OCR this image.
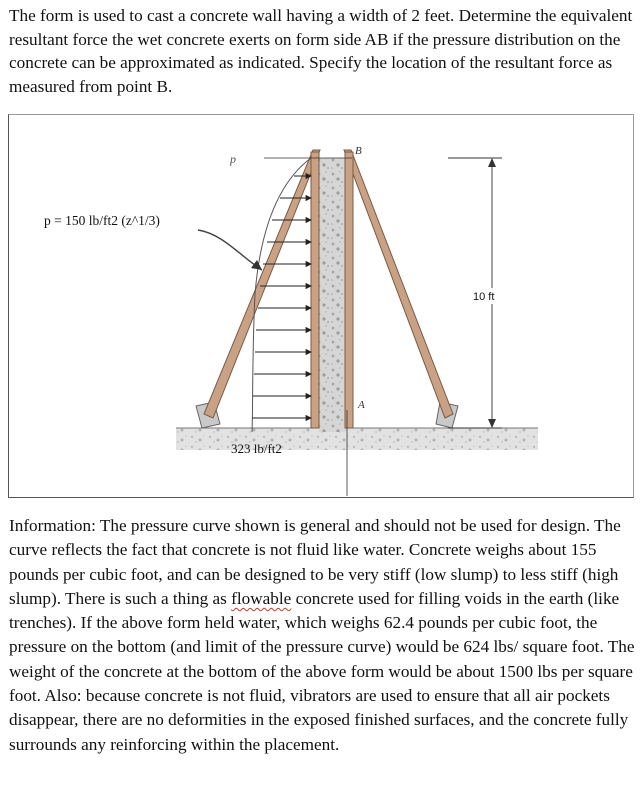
The form is used to cast a concrete wall having a width of 2 feet. Determine the equivalent resultant force the wet concrete exerts on form side AB if the pressure distribution on the concrete can be approximated as indicated. Specify the location of the resultant force as measured from point B.
p = 150 lb/ft2 (z^1/3)
p
B
A
10 ft
323 lb/ft2
Information: The pressure curve shown is general and should not be used for design. The curve reflects the fact that concrete is not fluid like water. Concrete weighs about 155 pounds per cubic foot, and can be designed to be very stiff (low slump) to less stiff (high slump). There is such a thing as flowable concrete used for filling voids in the earth (like trenches). If the above form held water, which weighs 62.4 pounds per cubic foot, the pressure on the bottom (and limit of the pressure curve) would be 624 lbs/ square foot. The weight of the concrete at the bottom of the above form would be about 1500 lbs per square foot. Also: because concrete is not fluid, vibrators are used to ensure that all air pockets disappear, there are no deformities in the exposed finished surfaces, and the concrete fully surrounds any reinforcing within the placement.
